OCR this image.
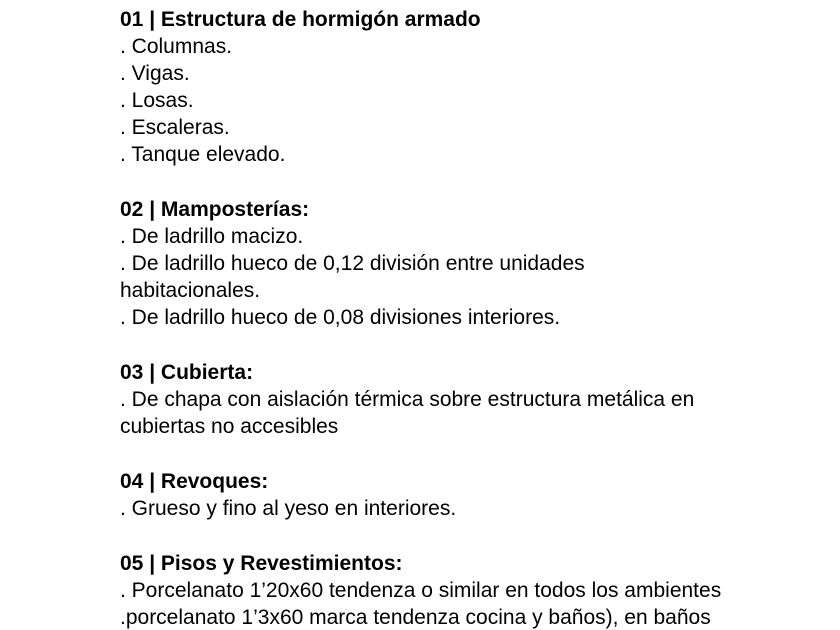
01 | Estructura de hormigón armado
. Columnas.
. Vigas.
. Losas.
. Escaleras.
. Tanque elevado.
02 | Mamposterías:
. De ladrillo macizo.
. De ladrillo hueco de 0,12 división entre unidades habitacionales.
. De ladrillo hueco de 0,08 divisiones interiores.
03 | Cubierta:
. De chapa con aislación térmica sobre estructura metálica en cubiertas no accesibles
04 | Revoques:
. Grueso y fino al yeso en interiores.
05 | Pisos y Revestimientos:
. Porcelanato 1’20x60 tendenza o similar en todos los ambientes
.porcelanato 1’3x60 marca tendenza cocina y baños), en baños
